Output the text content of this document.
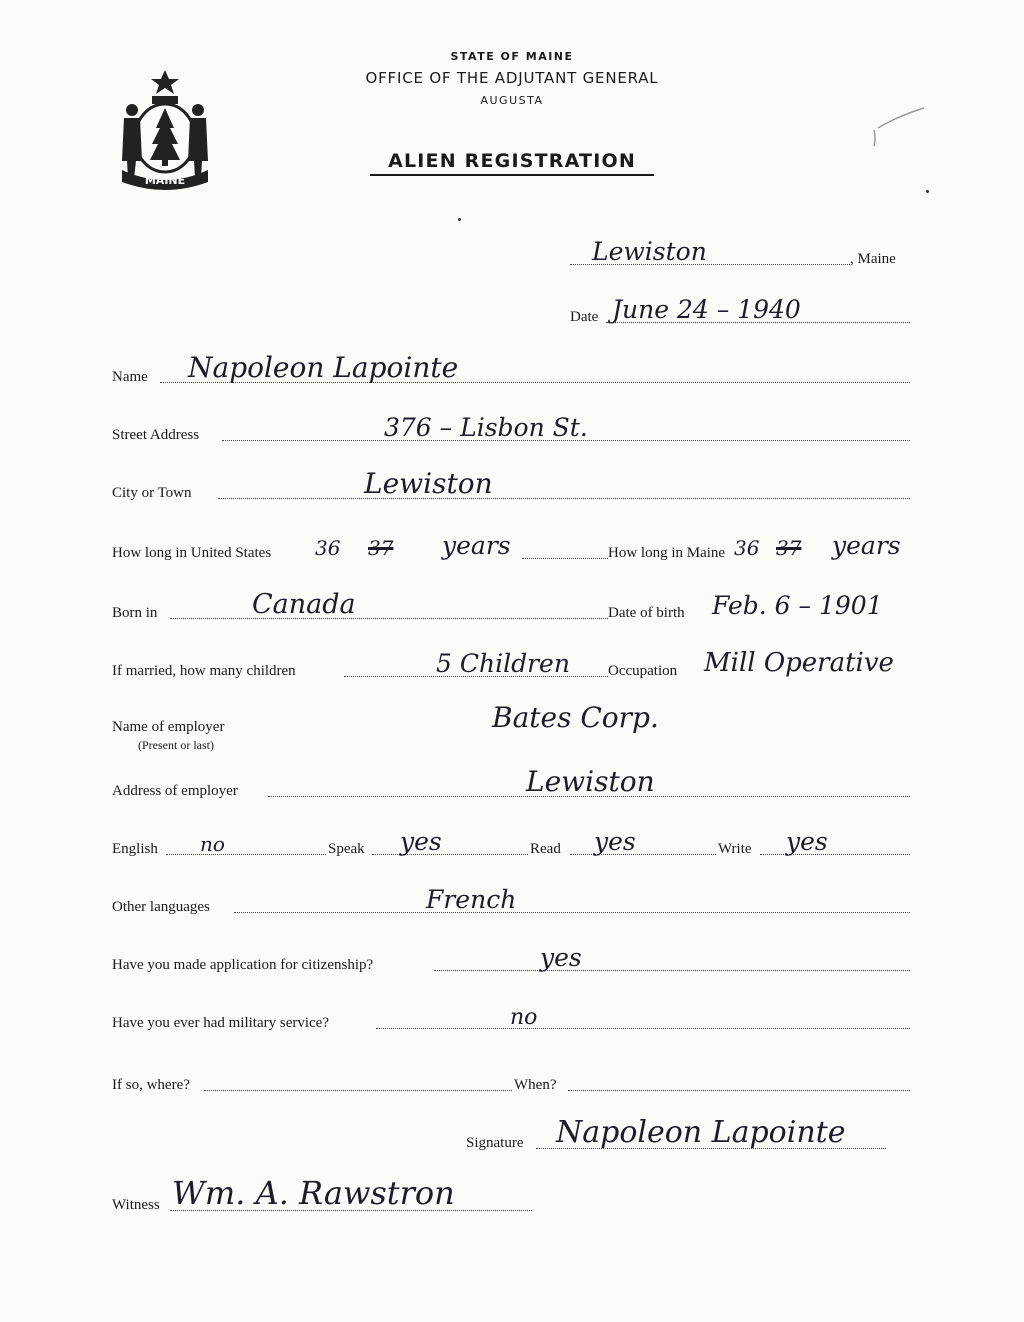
MAINE
STATE OF MAINE
OFFICE OF THE ADJUTANT GENERAL
AUGUSTA
ALIEN REGISTRATION
Lewiston	, Maine
Date June 24 – 1940
Name Napoleon Lapointe
Street Address	376 – Lisbon St.
City or Town	Lewiston
How long in United States 36 37 years	How long in Maine 36 37 years
Born in	Canada	Date of birth Feb. 6 – 1901
If married, how many children	5 Children	Occupation Mill Operative
Name of employer
(Present or last)
Bates Corp.
Address of employer	Lewiston
English no	Speak yes	Read yes	Write yes
Other languages	French
Have you made application for citizenship?	yes
Have you ever had military service?	no
If so, where?	When?
Signature Napoleon Lapointe
Witness Wm. A. Rawstron
